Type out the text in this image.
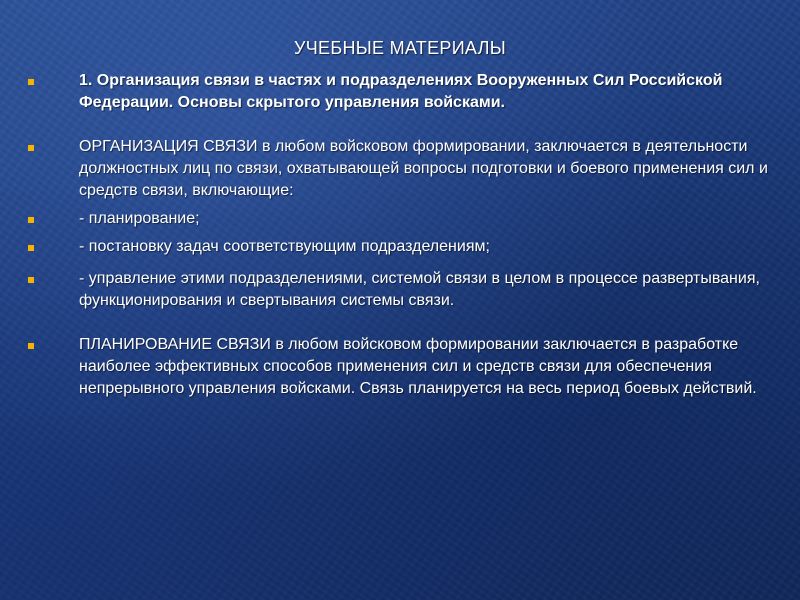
УЧЕБНЫЕ МАТЕРИАЛЫ
1. Организация связи в частях и подразделениях Вооруженных Сил Российской Федерации. Основы скрытого управления войсками.
ОРГАНИЗАЦИЯ СВЯЗИ в любом войсковом формировании, заключается в деятельности должностных лиц по связи, охватывающей вопросы подготовки и боевого применения сил и средств связи, включающие:
- планирование;
- постановку задач соответствующим подразделениям;
- управление этими подразделениями, системой связи в целом в процессе развертывания, функционирования и свертывания системы связи.
ПЛАНИРОВАНИЕ СВЯЗИ в любом войсковом формировании заключается в разработке наиболее эффективных способов применения сил и средств связи для обеспечения непрерывного управления войсками. Связь планируется на весь период боевых действий.
